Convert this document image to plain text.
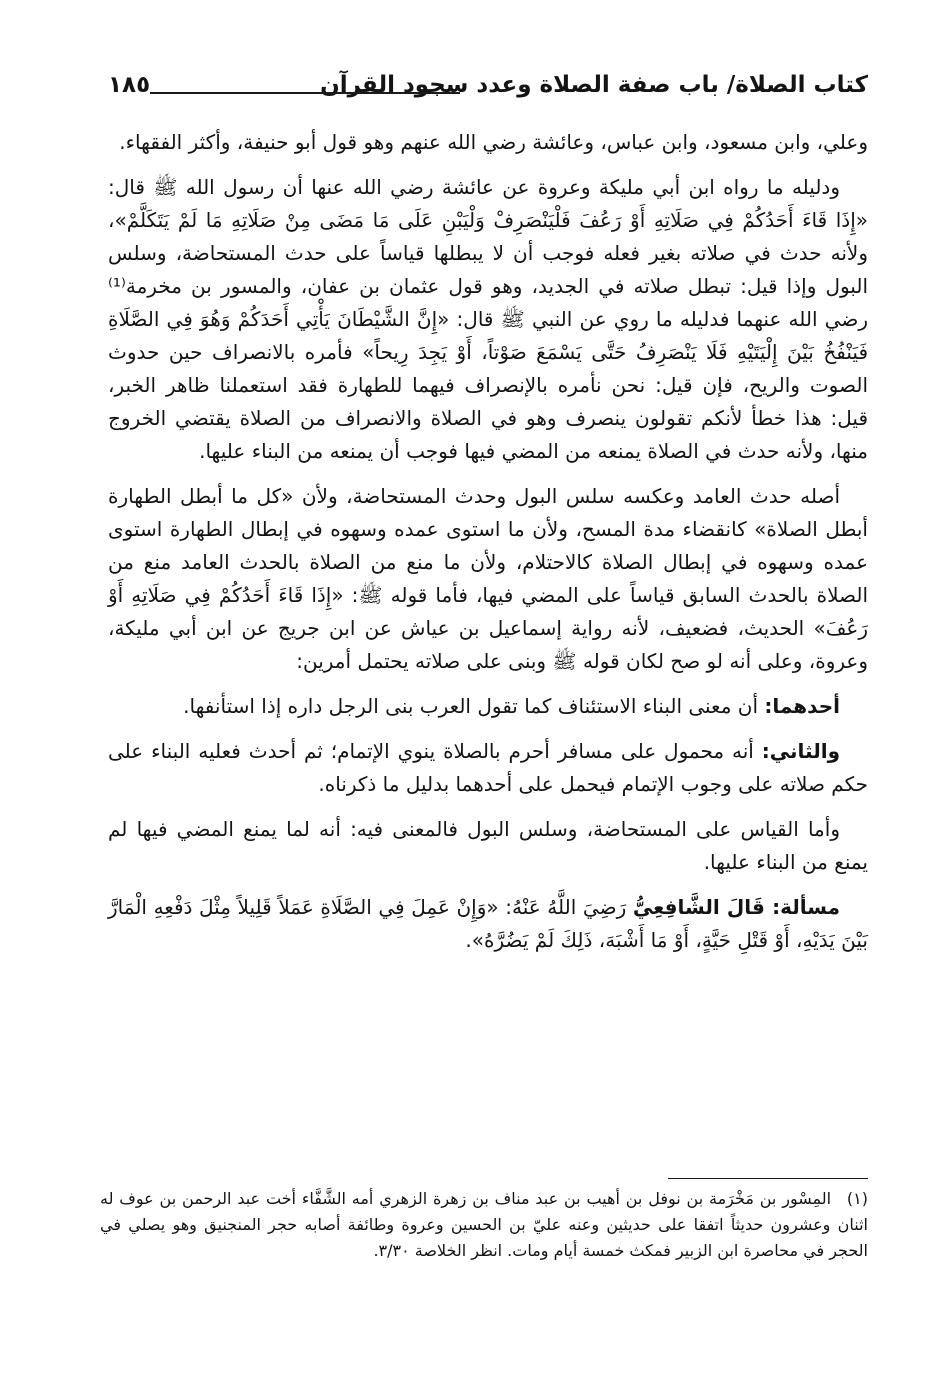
كتاب الصلاة/ باب صفة الصلاة وعدد سجود القرآن
١٨٥

وعلي، وابن مسعود، وابن عباس، وعائشة رضي الله عنهم وهو قول أبو حنيفة، وأكثر الفقهاء.

ودليله ما رواه ابن أبي مليكة وعروة عن عائشة رضي الله عنها أن رسول الله ﷺ قال: «إِذَا قَاءَ أَحَدُكُمْ فِي صَلَاتِهِ أَوْ رَعُفَ فَلْيَنْصَرِفْ وَلْيَبْنِ عَلَى مَا مَضَى مِنْ صَلَاتِهِ مَا لَمْ يَتَكَلَّمْ»، ولأنه حدث في صلاته بغير فعله فوجب أن لا يبطلها قياساً على حدث المستحاضة، وسلس البول وإذا قيل: تبطل صلاته في الجديد، وهو قول عثمان بن عفان، والمسور بن مخرمة⁽¹⁾ رضي الله عنهما فدليله ما روي عن النبي ﷺ قال: «إِنَّ الشَّيْطَانَ يَأْتِي أَحَدَكُمْ وَهُوَ فِي الصَّلَاةِ فَيَنْفُخُ بَيْنَ إِلْيَتَيْهِ فَلَا يَنْصَرِفُ حَتَّى يَسْمَعَ صَوْتاً، أَوْ يَجِدَ رِيحاً» فأمره بالانصراف حين حدوث الصوت والريح، فإن قيل: نحن نأمره بالإنصراف فيهما للطهارة فقد استعملنا ظاهر الخبر، قيل: هذا خطأ لأنكم تقولون ينصرف وهو في الصلاة والانصراف من الصلاة يقتضي الخروج منها، ولأنه حدث في الصلاة يمنعه من المضي فيها فوجب أن يمنعه من البناء عليها.

أصله حدث العامد وعكسه سلس البول وحدث المستحاضة، ولأن «كل ما أبطل الطهارة أبطل الصلاة» كانقضاء مدة المسح، ولأن ما استوى عمده وسهوه في إبطال الطهارة استوى عمده وسهوه في إبطال الصلاة كالاحتلام، ولأن ما منع من الصلاة بالحدث العامد منع من الصلاة بالحدث السابق قياساً على المضي فيها، فأما قوله ﷺ: «إِذَا قَاءَ أَحَدُكُمْ فِي صَلَاتِهِ أَوْ رَعُفَ» الحديث، فضعيف، لأنه رواية إسماعيل بن عياش عن ابن جريج عن ابن أبي مليكة، وعروة، وعلى أنه لو صح لكان قوله ﷺ وبنى على صلاته يحتمل أمرين:

أحدهما: أن معنى البناء الاستئناف كما تقول العرب بنى الرجل داره إذا استأنفها.

والثاني: أنه محمول على مسافر أحرم بالصلاة ينوي الإتمام؛ ثم أحدث فعليه البناء على حكم صلاته على وجوب الإتمام فيحمل على أحدهما بدليل ما ذكرناه.

وأما القياس على المستحاضة، وسلس البول فالمعنى فيه: أنه لما يمنع المضي فيها لم يمنع من البناء عليها.

مسألة: قَالَ الشَّافِعِيُّ رَضِيَ اللَّهُ عَنْهُ: «وَإِنْ عَمِلَ فِي الصَّلَاةِ عَمَلاً قَلِيلاً مِثْلَ دَفْعِهِ الْمَارَّ بَيْنَ يَدَيْهِ، أَوْ قَتْلِ حَيَّةٍ، أَوْ مَا أَشْبَهَ، ذَلِكَ لَمْ يَضُرَّهُ».

(١) المِسْور بن مَخْرَمة بن نوفل بن أهيب بن عبد مناف بن زهرة الزهري أمه الشَّفَّاء أخت عبد الرحمن بن عوف له اثنان وعشرون حديثاً اتفقا على حديثين وعنه عليّ بن الحسين وعروة وطائفة أصابه حجر المنجنيق وهو يصلي في الحجر في محاصرة ابن الزبير فمكث خمسة أيام ومات. انظر الخلاصة ٣/٣٠.
